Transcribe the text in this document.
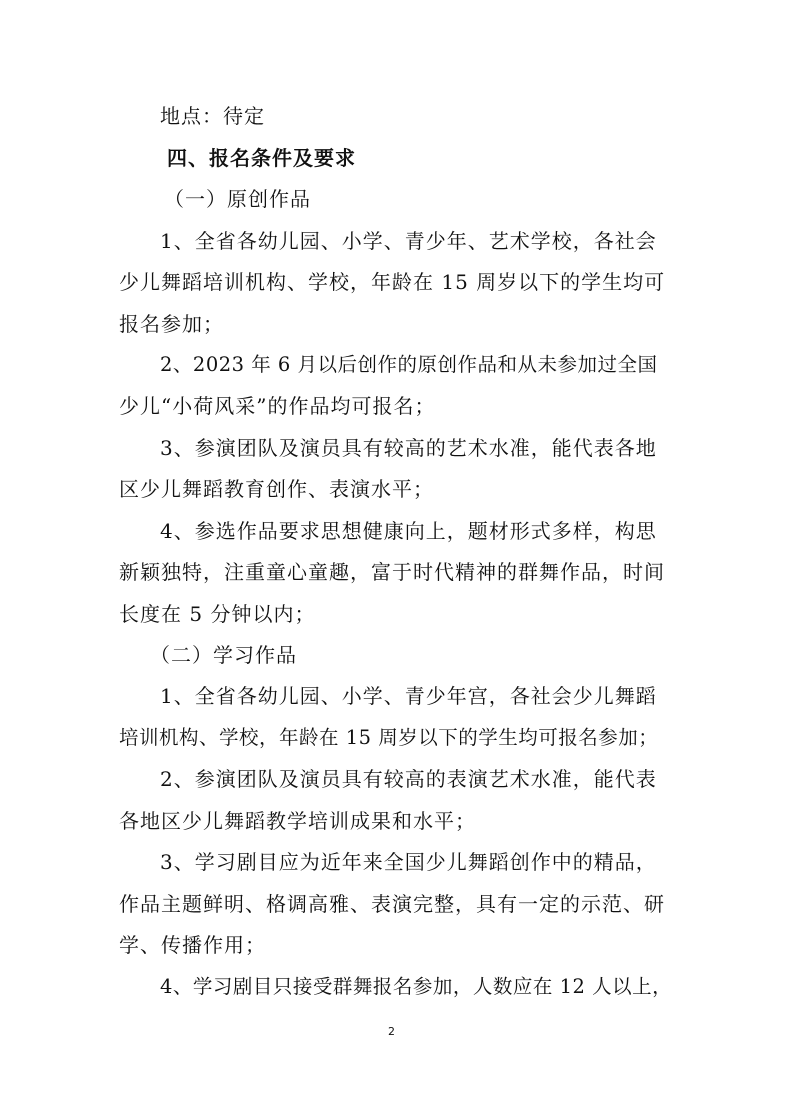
地点：待定
四、报名条件及要求
（一）原创作品
1、全省各幼儿园、小学、青少年、艺术学校，各社会
少儿舞蹈培训机构、学校，年龄在 15 周岁以下的学生均可
报名参加；
2、2023 年 6 月以后创作的原创作品和从未参加过全国
少儿“小荷风采”的作品均可报名；
3、参演团队及演员具有较高的艺术水准，能代表各地
区少儿舞蹈教育创作、表演水平；
4、参选作品要求思想健康向上，题材形式多样，构思
新颖独特，注重童心童趣，富于时代精神的群舞作品，时间
长度在 5 分钟以内；
（二）学习作品
1、全省各幼儿园、小学、青少年宫，各社会少儿舞蹈
培训机构、学校，年龄在 15 周岁以下的学生均可报名参加；
2、参演团队及演员具有较高的表演艺术水准，能代表
各地区少儿舞蹈教学培训成果和水平；
3、学习剧目应为近年来全国少儿舞蹈创作中的精品，
作品主题鲜明、格调高雅、表演完整，具有一定的示范、研
学、传播作用；
4、学习剧目只接受群舞报名参加，人数应在 12 人以上，
2
